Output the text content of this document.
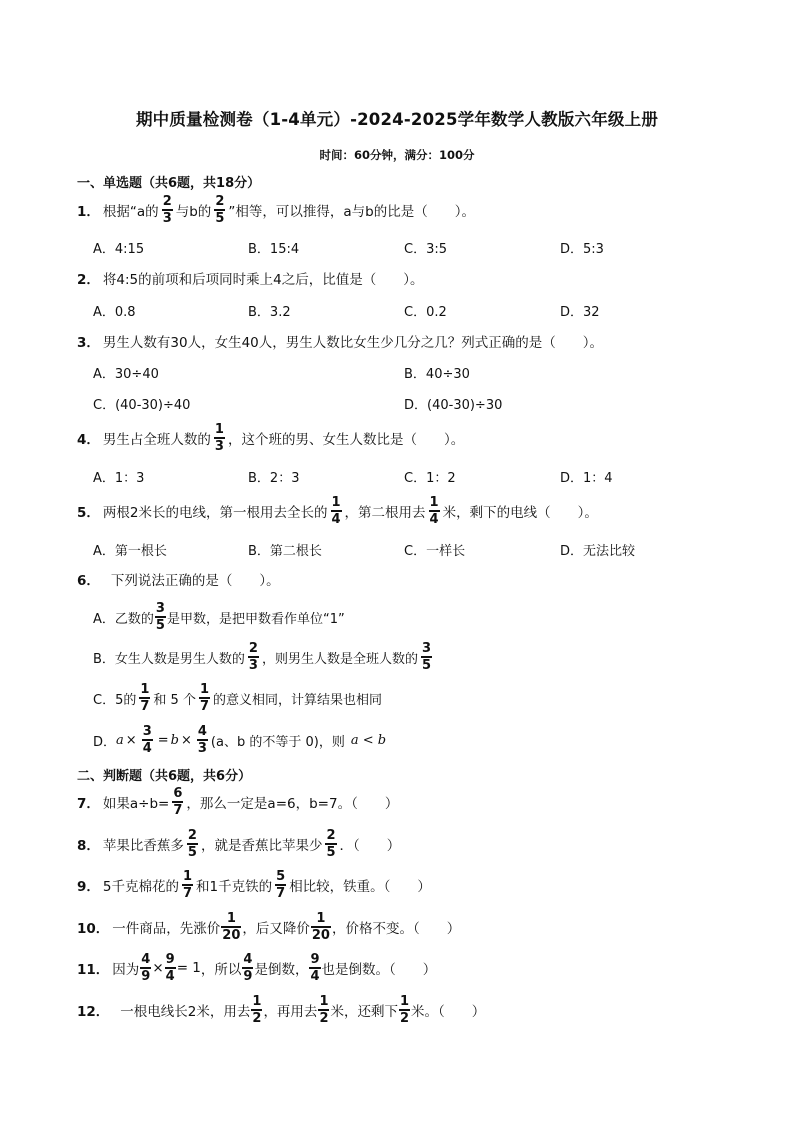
期中质量检测卷（1-4单元）-2024-2025学年数学人教版六年级上册
时间：60分钟，满分：100分
一、单选题（共6题，共18分）
1． 根据“a的 $\frac{2}{3}$ 与b的 $\frac{2}{5}$ ”相等，可以推得，a与b的比是（　　）。
A．4:15	B．15:4	C．3:5	D．5:3
2． 将4:5的前项和后项同时乘上4之后，比值是（　　）。
A．0.8	B．3.2	C．0.2	D．32
3． 男生人数有30人，女生40人，男生人数比女生少几分之几？列式正确的是（　　）。
A．30÷40	B．40÷30
C．(40-30)÷40	D．(40-30)÷30
4． 男生占全班人数的 $\frac{1}{3}$ ，这个班的男、女生人数比是（　　）。
A．1：3	B．2：3	C．1：2	D．1：4
5． 两根2米长的电线，第一根用去全长的 $\frac{1}{4}$ ，第二根用去 $\frac{1}{4}$ 米，剩下的电线（　　）。
A．第一根长	B．第二根长	C．一样长	D．无法比较
6． 下列说法正确的是（　　）。
A．乙数的 $\frac{3}{5}$ 是甲数，是把甲数看作单位“1”
B．女生人数是男生人数的 $\frac{2}{3}$ ，则男生人数是全班人数的 $\frac{3}{5}$
C．5的 $\frac{1}{7}$ 和 5 个 $\frac{1}{7}$ 的意义相同，计算结果也相同
D． $a \times \frac{3}{4} = b \times \frac{4}{3} (a$、b 的不等于 0)，则 a < b
二、判断题（共6题，共6分）
7． 如果$a\div b= \frac{6}{7}$ ，那么一定是a=6，b=7。（　　）
8． 苹果比香蕉多 $\frac{2}{5}$ ，就是香蕉比苹果少 $\frac{2}{5}$ ．（　　）
9． 5千克棉花的 $\frac{1}{7}$ 和1千克铁的 $\frac{5}{7}$ 相比较，铁重。（　　）
10． 一件商品，先涨价 $\frac{1}{20}$ ，后又降价 $\frac{1}{20}$ ，价格不变。（　　）
11． 因为 $\frac{4}{9} \times \frac{9}{4} = 1$ ，所以 $\frac{4}{9}$ 是倒数， $\frac{9}{4}$ 也是倒数。（　　）
12． 一根电线长2米，用去 $\frac{1}{2}$ ，再用去 $\frac{1}{2}$ 米，还剩下 $\frac{1}{2}$ 米。（　　）
